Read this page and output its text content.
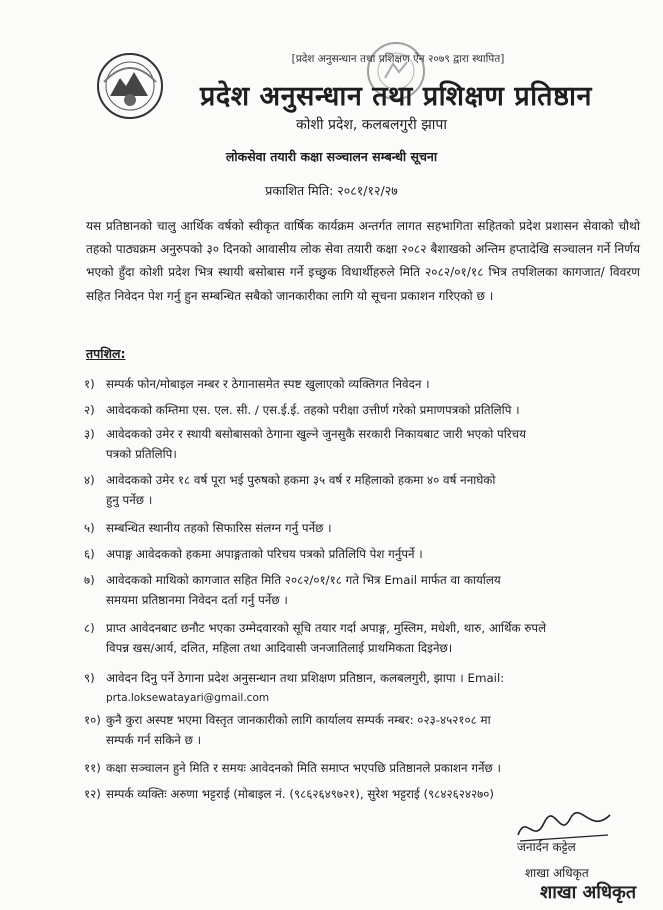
[प्रदेश अनुसन्धान तथा प्रशिक्षण ऐन २०७९ द्वारा स्थापित]
प्रदेश अनुसन्धान तथा प्रशिक्षण प्रतिष्ठान
कोशी प्रदेश, कलबलगुरी झापा
लोकसेवा तयारी कक्षा सञ्चालन सम्बन्धी सूचना
प्रकाशित मिति: २०८१/१२/२७
यस प्रतिष्ठानको चालु आर्थिक वर्षको स्वीकृत वार्षिक कार्यक्रम अन्तर्गत लागत सहभागिता सहितको प्रदेश प्रशासन सेवाको चौथो तहको पाठ्यक्रम अनुरुपको ३० दिनको आवासीय लोक सेवा तयारी कक्षा २०८२ बैशाखको अन्तिम हप्तादेखि सञ्चालन गर्ने निर्णय भएको हुँदा कोशी प्रदेश भित्र स्थायी बसोबास गर्ने इच्छुक विधार्थीहरुले मिति २०८२/०१/१८ भित्र तपशिलका कागजात/ विवरण सहित निवेदन पेश गर्नु हुन सम्बन्धित सबैको जानकारीका लागि यो सूचना प्रकाशन गरिएको छ ।
तपशिल:
१) सम्पर्क फोन/मोबाइल नम्बर र ठेगानासमेत स्पष्ट खुलाएको व्यक्तिगत निवेदन ।
२) आवेदकको कम्तिमा एस. एल. सी. / एस.ई.ई. तहको परीक्षा उत्तीर्ण गरेको प्रमाणपत्रको प्रतिलिपि ।
३) आवेदकको उमेर र स्थायी बसोबासको ठेगाना खुल्ने जुनसुकै सरकारी निकायबाट जारी भएको परिचय
पत्रको प्रतिलिपि।
४) आवेदकको उमेर १८ वर्ष पूरा भई पुरुषको हकमा ३५ वर्ष र महिलाको हकमा ४० वर्ष ननाघेको
हुनु पर्नेछ ।
५) सम्बन्धित स्थानीय तहको सिफारिस संलग्न गर्नु पर्नेछ ।
६) अपाङ्ग आवेदकको हकमा अपाङ्गताको परिचय पत्रको प्रतिलिपि पेश गर्नुपर्ने ।
७) आवेदकको माथिको कागजात सहित मिति २०८२/०१/१८ गते भित्र Email मार्फत वा कार्यालय
समयमा प्रतिष्ठानमा निवेदन दर्ता गर्नु पर्नेछ ।
८) प्राप्त आवेदनबाट छनौट भएका उम्मेदवारको सूचि तयार गर्दा अपाङ्ग, मुस्लिम, मधेशी, थारु, आर्थिक रुपले
विपन्न खस/आर्य, दलित, महिला तथा आदिवासी जनजातिलाई प्राथमिकता दिइनेछ।
९) आवेदन दिनु पर्ने ठेगाना प्रदेश अनुसन्धान तथा प्रशिक्षण प्रतिष्ठान, कलबलगुरी, झापा । Email:
prta.loksewatayari@gmail.com
१०) कुनै कुरा अस्पष्ट भएमा विस्तृत जानकारीको लागि कार्यालय सम्पर्क नम्बर: ०२३-४५२१०८ मा
सम्पर्क गर्न सकिने छ ।
११) कक्षा सञ्चालन हुने मिति र समयः आवेदनको मिति समाप्त भएपछि प्रतिष्ठानले प्रकाशन गर्नेछ ।
१२) सम्पर्क व्यक्तिः अरुणा भट्टराई (मोबाइल नं. (९८६२६४९७२१), सुरेश भट्टराई (९८४२६२४२७०)
जनार्दन कट्टेल
शाखा अधिकृत
शाखा अधिकृत
